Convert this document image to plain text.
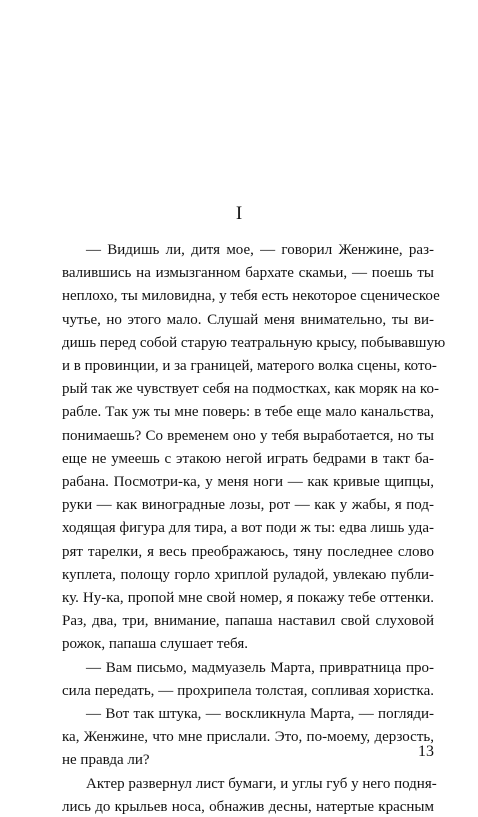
I
— Видишь ли, дитя мое, — говорил Женжине, раз-
валившись на измызганном бархате скамьи, — поешь ты
неплохо, ты миловидна, у тебя есть некоторое сценическое
чутье, но этого мало. Слушай меня внимательно, ты ви-
дишь перед собой старую театральную крысу, побывавшую
и в провинции, и за границей, матерого волка сцены, кото-
рый так же чувствует себя на подмостках, как моряк на ко-
рабле. Так уж ты мне поверь: в тебе еще мало канальства,
понимаешь? Со временем оно у тебя выработается, но ты
еще не умеешь с этакою негой играть бедрами в такт ба-
рабана. Посмотри-ка, у меня ноги — как кривые щипцы,
руки — как виноградные лозы, рот — как у жабы, я под-
ходящая фигура для тира, а вот поди ж ты: едва лишь уда-
рят тарелки, я весь преображаюсь, тяну последнее слово
куплета, полощу горло хриплой руладой, увлекаю публи-
ку. Ну-ка, пропой мне свой номер, я покажу тебе оттенки.
Раз, два, три, внимание, папаша наставил свой слуховой
рожок, папаша слушает тебя.
— Вам письмо, мадмуазель Марта, привратница про-
сила передать, — прохрипела толстая, сопливая хористка.
— Вот так штука, — воскликнула Марта, — погляди-
ка, Женжине, что мне прислали. Это, по-моему, дерзость,
не правда ли?
Актер развернул лист бумаги, и углы губ у него подня-
лись до крыльев носа, обнажив десны, натертые красным
13
